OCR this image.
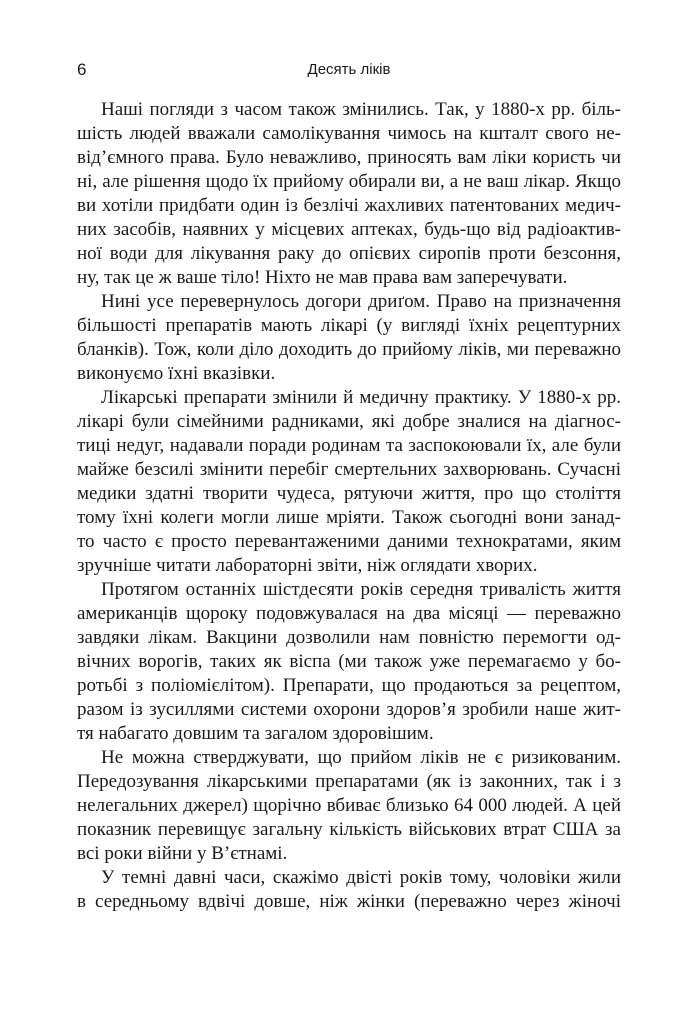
6	Десять ліків

Наші погляди з часом також змінились. Так, у 1880-х рр. біль-
шість людей вважали самолікування чимось на кшталт свого не-
від’ємного права. Було неважливо, приносять вам ліки користь чи
ні, але рішення щодо їх прийому обирали ви, а не ваш лікар. Якщо
ви хотіли придбати один із безлічі жахливих патентованих медич-
них засобів, наявних у місцевих аптеках, будь-що від радіоактив-
ної води для лікування раку до опієвих сиропів проти безсоння,
ну, так це ж ваше тіло! Ніхто не мав права вам заперечувати.

Нині усе перевернулось догори дриґом. Право на призначення
більшості препаратів мають лікарі (у вигляді їхніх рецептурних
бланків). Тож, коли діло доходить до прийому ліків, ми переважно
виконуємо їхні вказівки.

Лікарські препарати змінили й медичну практику. У 1880-х рр.
лікарі були сімейними радниками, які добре зналися на діагнос-
тиці недуг, надавали поради родинам та заспокоювали їх, але були
майже безсилі змінити перебіг смертельних захворювань. Сучасні
медики здатні творити чудеса, рятуючи життя, про що століття
тому їхні колеги могли лише мріяти. Також сьогодні вони занад-
то часто є просто перевантаженими даними технократами, яким
зручніше читати лабораторні звіти, ніж оглядати хворих.

Протягом останніх шістдесяти років середня тривалість життя
американців щороку подовжувалася на два місяці — переважно
завдяки лікам. Вакцини дозволили нам повністю перемогти од-
вічних ворогів, таких як віспа (ми також уже перемагаємо у бо-
ротьбі з поліомієлітом). Препарати, що продаються за рецептом,
разом із зусиллями системи охорони здоров’я зробили наше жит-
тя набагато довшим та загалом здоровішим.

Не можна стверджувати, що прийом ліків не є ризикованим.
Передозування лікарськими препаратами (як із законних, так і з
нелегальних джерел) щорічно вбиває близько 64 000 людей. А цей
показник перевищує загальну кількість військових втрат США за
всі роки війни у В’єтнамі.

У темні давні часи, скажімо двісті років тому, чоловіки жили
в середньому вдвічі довше, ніж жінки (переважно через жіночі
